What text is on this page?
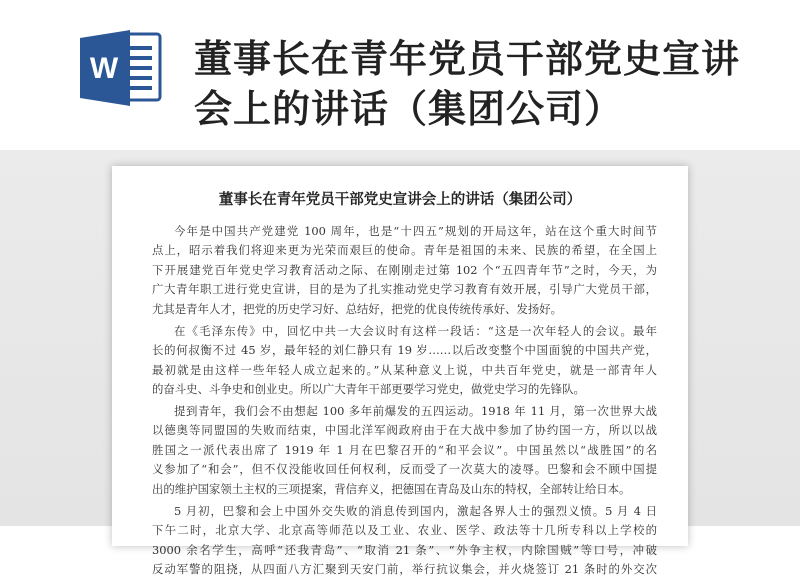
W 董事长在青年党员干部党史宣讲
会上的讲话（集团公司）
董事长在青年党员干部党史宣讲会上的讲话（集团公司）
今年是中国共产党建党 100 周年，也是“十四五”规划的开局这年，站在这个重大时间节
点上，昭示着我们将迎来更为光荣而艰巨的使命。青年是祖国的未来、民族的希望，在全国上
下开展建党百年党史学习教育活动之际、在刚刚走过第 102 个“五四青年节”之时，今天，为
广大青年职工进行党史宣讲，目的是为了扎实推动党史学习教育有效开展，引导广大党员干部，
尤其是青年人才，把党的历史学习好、总结好，把党的优良传统传承好、发扬好。
在《毛泽东传》中，回忆中共一大会议时有这样一段话：“这是一次年轻人的会议。最年
长的何叔衡不过 45 岁，最年轻的刘仁静只有 19 岁……以后改变整个中国面貌的中国共产党，
最初就是由这样一些年轻人成立起来的。”从某种意义上说，中共百年党史，就是一部青年人
的奋斗史、斗争史和创业史。所以广大青年干部更要学习党史，做党史学习的先锋队。
提到青年，我们会不由想起 100 多年前爆发的五四运动。1918 年 11 月，第一次世界大战
以德奥等同盟国的失败而结束，中国北洋军阀政府由于在大战中参加了协约国一方，所以以战
胜国之一派代表出席了 1919 年 1 月在巴黎召开的“和平会议”。中国虽然以“战胜国”的名
义参加了“和会”，但不仅没能收回任何权利，反而受了一次莫大的凌辱。巴黎和会不顾中国提
出的维护国家领土主权的三项提案，背信弃义，把德国在青岛及山东的特权，全部转让给日本。
5 月初，巴黎和会上中国外交失败的消息传到国内，激起各界人士的强烈义愤。5 月 4 日
下午二时，北京大学、北京高等师范以及工业、农业、医学、政法等十几所专科以上学校的
3000 余名学生，高呼“还我青岛”、“取消 21 条”、“外争主权，内除国贼”等口号，冲破
反动军警的阻挠，从四面八方汇聚到天安门前，举行抗议集会，并火烧签订 21 条时的外交次
